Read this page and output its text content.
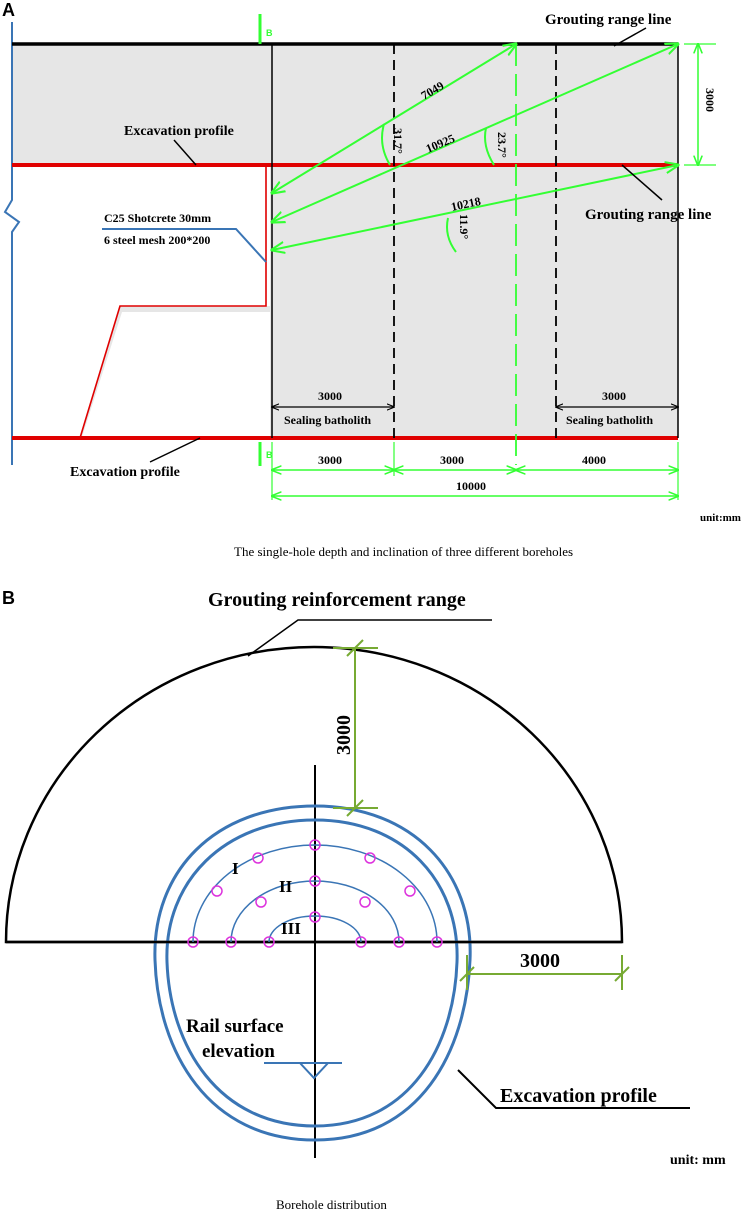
A
B
B
7049
10925
10218
31.7°	23.7°
11.9°
3000
Grouting range line
Grouting range line
Excavation profile
Excavation profile
C25 Shotcrete 30mm
6 steel mesh 200*200
3000
Sealing batholith
3000
Sealing batholith
3000	3000	4000
10000
unit:mm
The single-hole depth and inclination of three different boreholes
B	Grouting reinforcement range
I
II
III
3000
3000
Rail surface
elevation
Excavation profile
unit: mm
Borehole distribution
